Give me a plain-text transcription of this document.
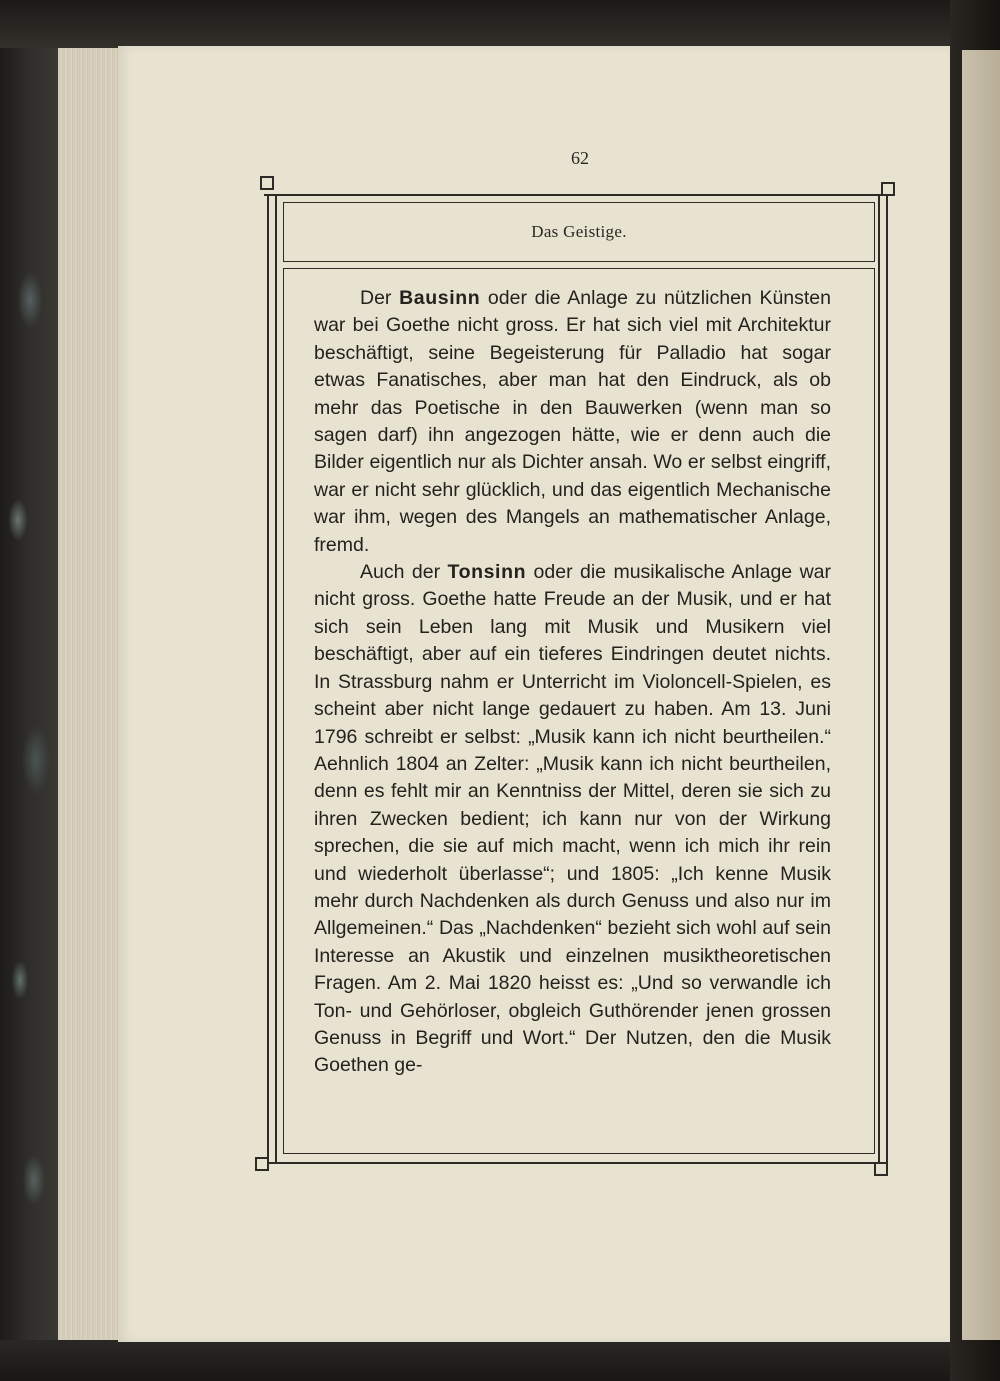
62
Das Geistige.

Der Bausinn oder die Anlage zu nützlichen Künsten war bei Goethe nicht gross. Er hat sich viel mit Architektur beschäftigt, seine Begeisterung für Palladio hat sogar etwas Fanatisches, aber man hat den Eindruck, als ob mehr das Poetische in den Bauwerken (wenn man so sagen darf) ihn angezogen hätte, wie er denn auch die Bilder eigentlich nur als Dichter ansah. Wo er selbst eingriff, war er nicht sehr glücklich, und das eigentlich Mechanische war ihm, wegen des Mangels an mathematischer Anlage, fremd.

Auch der Tonsinn oder die musikalische Anlage war nicht gross. Goethe hatte Freude an der Musik, und er hat sich sein Leben lang mit Musik und Musikern viel beschäftigt, aber auf ein tieferes Eindringen deutet nichts. In Strassburg nahm er Unterricht im Violoncell-Spielen, es scheint aber nicht lange gedauert zu haben. Am 13. Juni 1796 schreibt er selbst: „Musik kann ich nicht beurtheilen.“ Aehnlich 1804 an Zelter: „Musik kann ich nicht beurtheilen, denn es fehlt mir an Kenntniss der Mittel, deren sie sich zu ihren Zwecken bedient; ich kann nur von der Wirkung sprechen, die sie auf mich macht, wenn ich mich ihr rein und wiederholt überlasse“; und 1805: „Ich kenne Musik mehr durch Nachdenken als durch Genuss und also nur im Allgemeinen.“ Das „Nachdenken“ bezieht sich wohl auf sein Interesse an Akustik und einzelnen musiktheoretischen Fragen. Am 2. Mai 1820 heisst es: „Und so verwandle ich Ton- und Gehörloser, obgleich Guthörender jenen grossen Genuss in Begriff und Wort.“ Der Nutzen, den die Musik Goethen ge-
